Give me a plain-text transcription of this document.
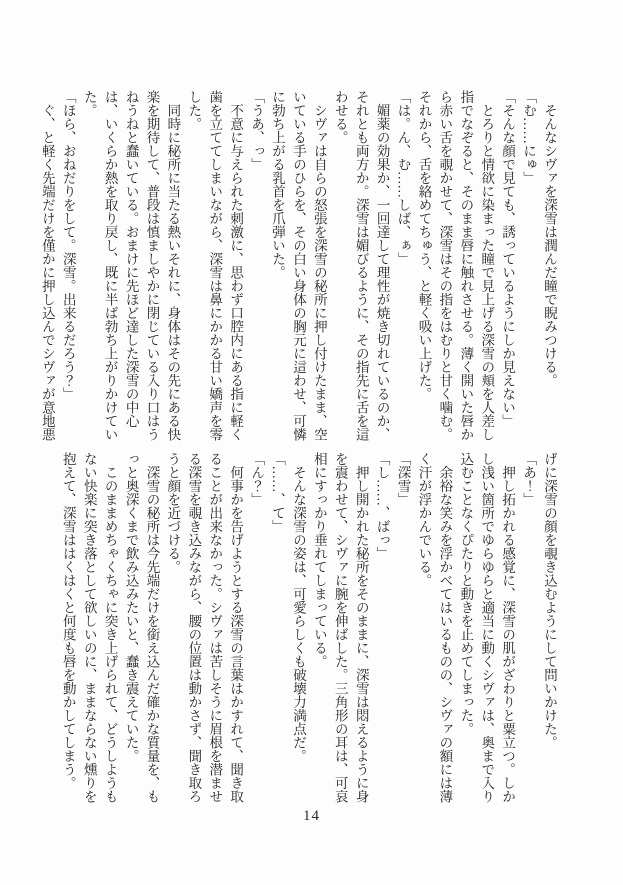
　そんなシヴァを深雪は潤んだ瞳で睨みつける。

「む……にゅ」

「そんな顔で見ても、誘っているようにしか見えない」

　とろりと情欲に染まった瞳で見上げる深雪の頬を人差し指でなぞると、そのまま唇に触れさせる。薄く開いた唇から赤い舌を覗かせて、深雪はその指をはむりと甘く噛む。それから、舌を絡めてちゅう、と軽く吸い上げた。

「は。ん、む……しば、ぁ」

　媚薬の効果か、一回達して理性が焼き切れているのか、それとも両方か。深雪は媚びるように、その指先に舌を這わせる。

　シヴァは自らの怒張を深雪の秘所に押し付けたまま、空いている手のひらを、その白い身体の胸元に這わせ、可憐に勃ち上がる乳首を爪弾いた。

「うあ、っ」

　不意に与えられた刺激に、思わず口腔内にある指に軽く歯を立ててしまいながら、深雪は鼻にかかる甘い嬌声を零した。

　同時に秘所に当たる熱いそれに、身体はその先にある快楽を期待して、普段は慎ましやかに閉じている入り口はうねうねと蠢いている。おまけに先ほど達した深雪の中心は、いくらか熱を取り戻し、既に半ば勃ち上がりかけていた。

「ほら、おねだりをして。深雪。出来るだろう？」

　ぐ、と軽く先端だけを僅かに押し込んでシヴァが意地悪

げに深雪の顔を覗き込むようにして問いかけた。

「あ！」

　押し拓かれる感覚に、深雪の肌がざわりと粟立つ。しかし浅い箇所でゆらゆらと適当に動くシヴァは、奥まで入り込むことなくぴたりと動きを止めてしまった。

　余裕な笑みを浮かべてはいるものの、シヴァの額には薄く汗が浮かんでいる。

「深雪」

「し……、ばっ」

　押し開かれた秘所をそのままに、深雪は悶えるように身を震わせて、シヴァに腕を伸ばした。三角形の耳は、可哀相にすっかり垂れてしまっている。

　そんな深雪の姿は、可愛らしくも破壊力満点だ。

「……、て」

「ん？」

　何事かを告げようとする深雪の言葉はかすれて、聞き取ることが出来なかった。シヴァは苦しそうに眉根を潜ませる深雪を覗き込みながら、腰の位置は動かさず、聞き取ろうと顔を近づける。

　深雪の秘所は今先端だけを銜え込んだ確かな質量を、もっと奥深くまで飲み込みたいと、蠢き震えていた。

　このままめちゃくちゃに突き上げられて、どうしようもない快楽に突き落として欲しいのに、ままならない燻りを抱えて、深雪ははくはくと何度も唇を動かしてしまう。

14
